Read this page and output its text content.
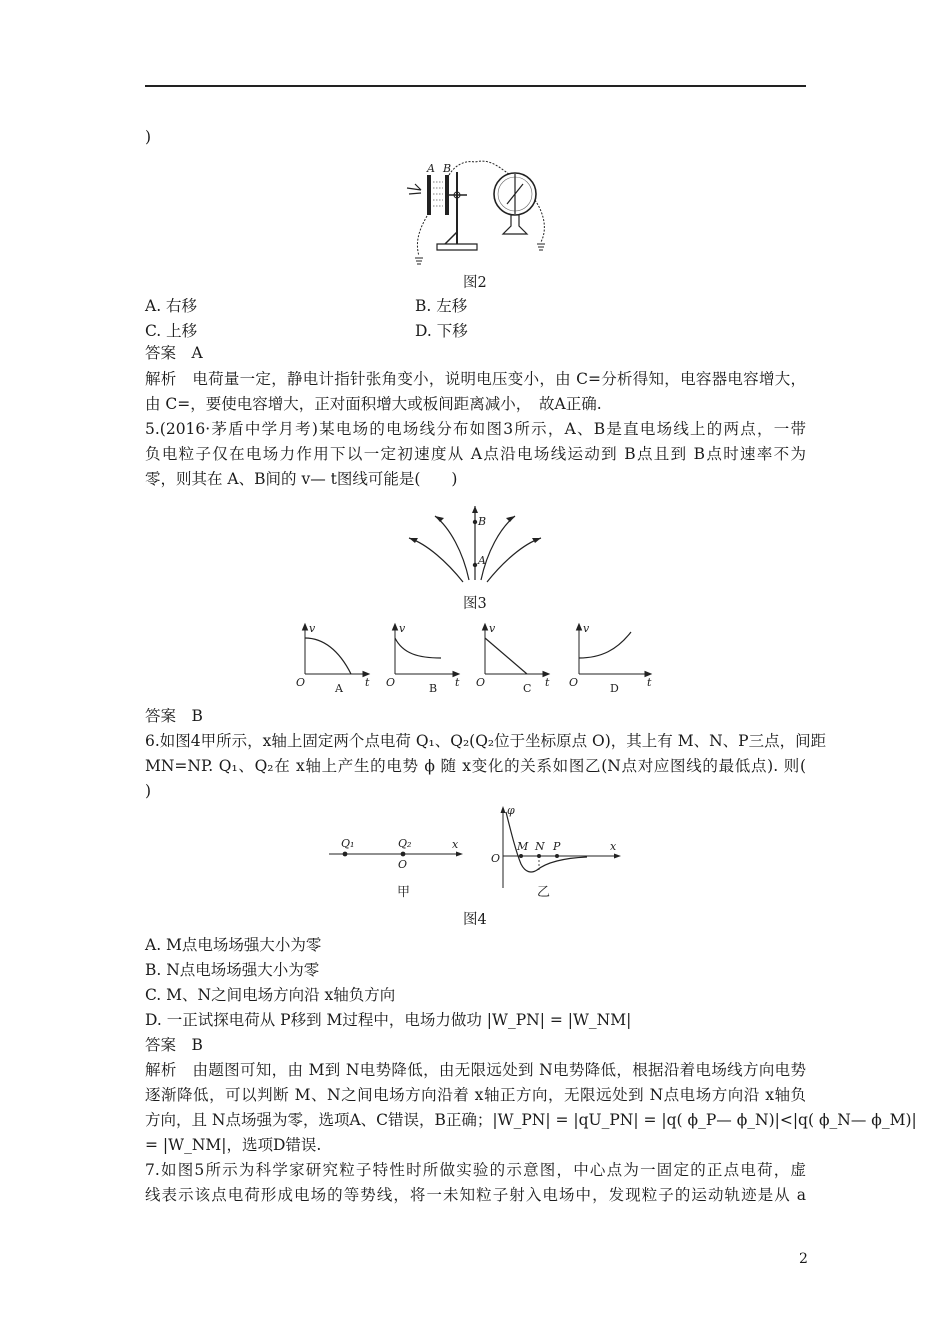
)
A B
图2
A. 右移	B. 左移
C. 上移	D. 下移
答案　A
解析　电荷量一定，静电计指针张角变小，说明电压变小，由 C=分析得知，电容器电容增大，
由 C=，要使电容增大，正对面积增大或板间距离减小，　故A正确.
5.(2016·茅盾中学月考)某电场的电场线分布如图3所示，A、B是直电场线上的两点，一带
负电粒子仅在电场力作用下以一定初速度从 A点沿电场线运动到 B点且到 B点时速率不为
零，则其在 A、B间的 v— t图线可能是(　　)
B
A
图3
v
t
O	A
v
t
O	B
v
t
O	C
v
t
O	D
答案　B
6.如图4甲所示，x轴上固定两个点电荷 Q₁、Q₂(Q₂位于坐标原点 O)，其上有 M、N、P三点，间距
MN=NP. Q₁、Q₂在 x轴上产生的电势 ϕ 随 x变化的关系如图乙(N点对应图线的最低点). 则(
)
Q₁	Q₂
O
x
甲
φ
O
x
M N P
乙
图4
A. M点电场场强大小为零
B. N点电场场强大小为零
C. M、N之间电场方向沿 x轴负方向
D. 一正试探电荷从 P移到 M过程中，电场力做功 |W_PN| = |W_NM|
答案　B
解析　由题图可知，由 M到 N电势降低，由无限远处到 N电势降低，根据沿着电场线方向电势
逐渐降低，可以判断 M、N之间电场方向沿着 x轴正方向，无限远处到 N点电场方向沿 x轴负
方向，且 N点场强为零，选项A、C错误，B正确；|W_PN| = |qU_PN| = |q( ϕ_P— ϕ_N)|<|q( ϕ_N— ϕ_M)|
= |W_NM|，选项D错误.
7.如图5所示为科学家研究粒子特性时所做实验的示意图，中心点为一固定的正点电荷，虚
线表示该点电荷形成电场的等势线，将一未知粒子射入电场中，发现粒子的运动轨迹是从 a
2
